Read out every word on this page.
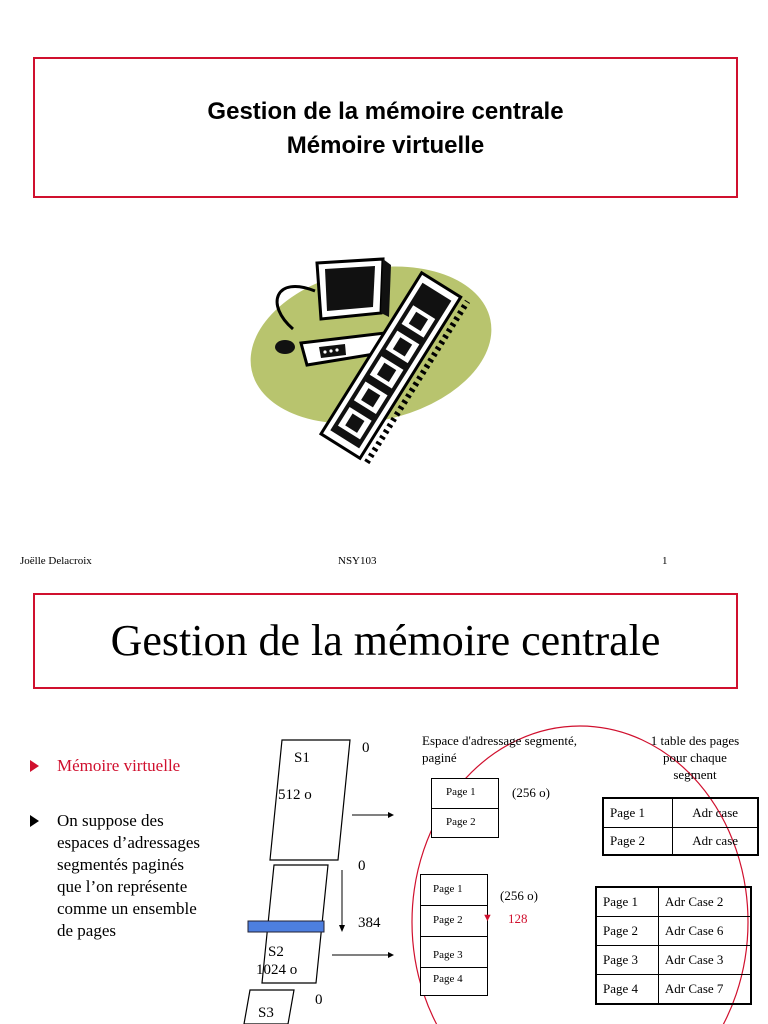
Gestion de la mémoire centrale
Mémoire virtuelle
Joëlle Delacroix	NSY103	1
Gestion de la mémoire centrale
Mémoire virtuelle
On suppose des
espaces d’adressages
segmentés paginés
que l’on représente
comme un ensemble
de pages
S1
512 o
0
0
384
S2
1024 o
0
S3
Espace d'adressage segmenté,
paginé
1 table des pages
pour chaque
segment
Page 1
Page 2
(256 o)
Page 1
Page 2
Page 3
Page 4
(256 o)
▼ 128
Page 1	Adr case
Page 2	Adr case
Page 1	Adr Case 2
Page 2	Adr Case 6
Page 3	Adr Case 3
Page 4	Adr Case 7
